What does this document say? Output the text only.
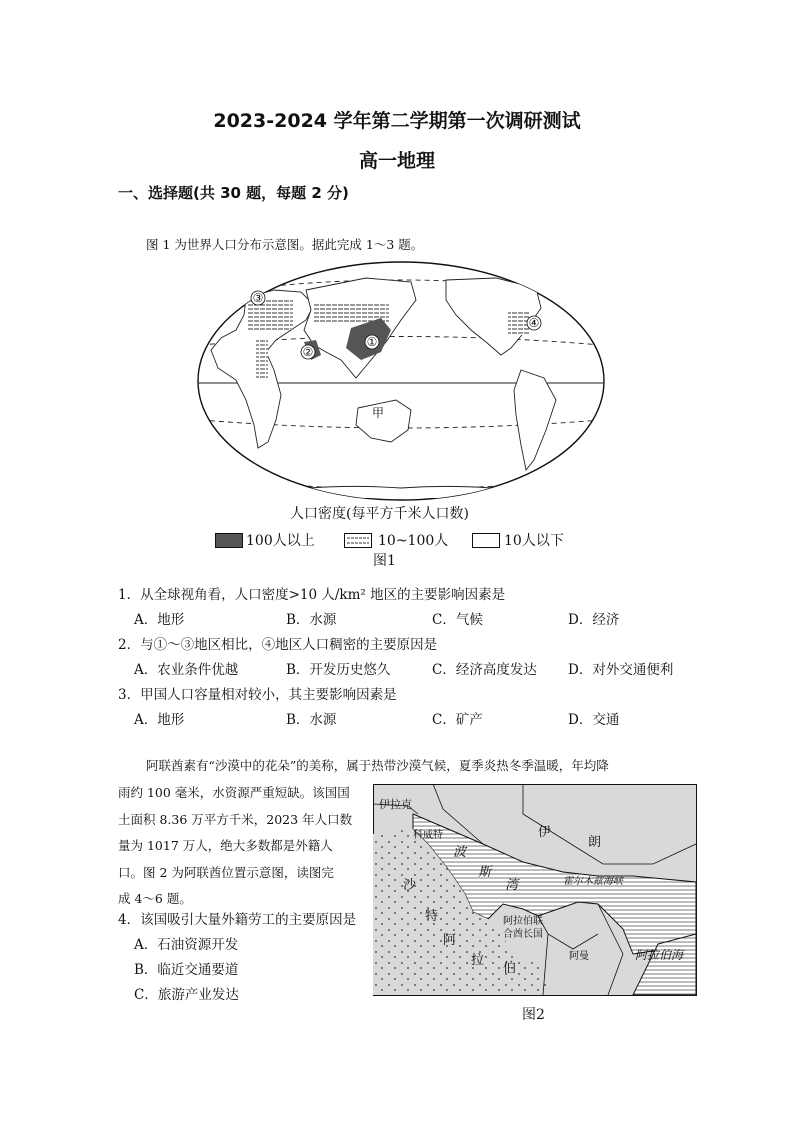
2023-2024 学年第二学期第一次调研测试
高一地理
一、选择题(共 30 题，每题 2 分)
图 1 为世界人口分布示意图。据此完成 1～3 题。
③
②
①
④
甲
人口密度(每平方千米人口数)
100人以上	10~100人	10人以下
图1
1．从全球视角看，人口密度>10 人/km² 地区的主要影响因素是
A．地形	B．水源	C．气候	D．经济
2．与①～③地区相比，④地区人口稠密的主要原因是
A．农业条件优越	B．开发历史悠久	C．经济高度发达 D．对外交通便利
3．甲国人口容量相对较小，其主要影响因素是
A．地形	B．水源	C．矿产	D．交通
阿联酋素有“沙漠中的花朵”的美称，属于热带沙漠气候，夏季炎热冬季温暖，年均降
雨约 100 毫米，水资源严重短缺。该国国
土面积 8.36 万平方千米，2023 年人口数
量为 1017 万人，绝大多数都是外籍人
口。图 2 为阿联酋位置示意图，读图完
成 4～6 题。
4．该国吸引大量外籍劳工的主要原因是
A．石油资源开发
B．临近交通要道
C．旅游产业发达
伊拉克
科威特	伊
朗
波
斯
湾	霍尔木兹海峡
沙
特
阿
拉
伯
阿拉伯联
合酋长国
阿曼	阿拉伯海
图2
